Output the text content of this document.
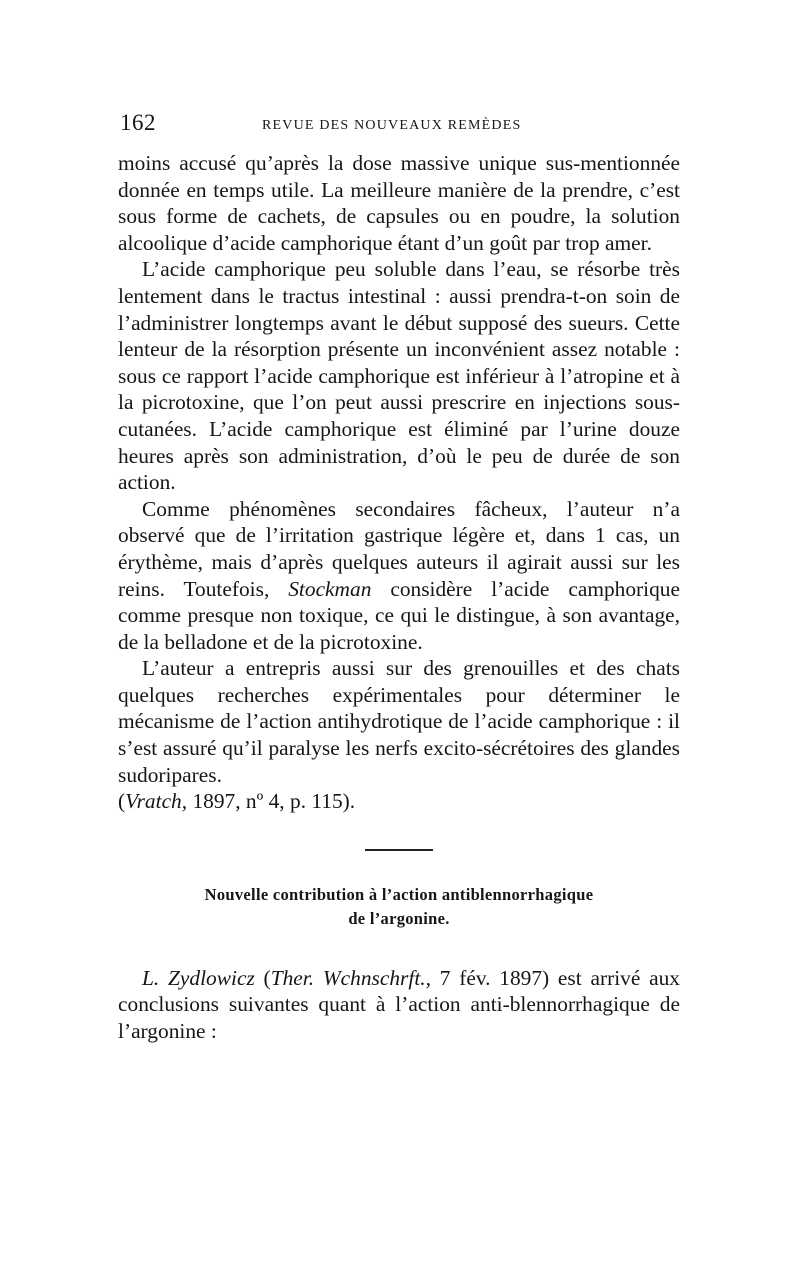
162	REVUE DES NOUVEAUX REMÈDES

moins accusé qu’après la dose massive unique sus-mentionnée donnée en temps utile. La meilleure manière de la prendre, c’est sous forme de cachets, de capsules ou en poudre, la solution alcoolique d’acide camphorique étant d’un goût par trop amer.

L’acide camphorique peu soluble dans l’eau, se résorbe très lentement dans le tractus intestinal : aussi prendra-t-on soin de l’administrer longtemps avant le début supposé des sueurs. Cette lenteur de la résorption présente un inconvénient assez notable : sous ce rapport l’acide camphorique est inférieur à l’atropine et à la picrotoxine, que l’on peut aussi prescrire en injections sous-cutanées. L’acide camphorique est éliminé par l’urine douze heures après son administration, d’où le peu de durée de son action.

Comme phénomènes secondaires fâcheux, l’auteur n’a observé que de l’irritation gastrique légère et, dans 1 cas, un érythème, mais d’après quelques auteurs il agirait aussi sur les reins. Toutefois, Stockman considère l’acide camphorique comme presque non toxique, ce qui le distingue, à son avantage, de la belladone et de la picrotoxine.

L’auteur a entrepris aussi sur des grenouilles et des chats quelques recherches expérimentales pour déterminer le mécanisme de l’action antihydrotique de l’acide camphorique : il s’est assuré qu’il paralyse les nerfs excito-sécrétoires des glandes sudoripares.

(Vratch, 1897, nº 4, p. 115).

Nouvelle contribution à l’action antiblennorrhagique
de l’argonine.

L. Zydlowicz (Ther. Wchnschrft., 7 fév. 1897) est arrivé aux conclusions suivantes quant à l’action anti-blennorrhagique de l’argonine :
